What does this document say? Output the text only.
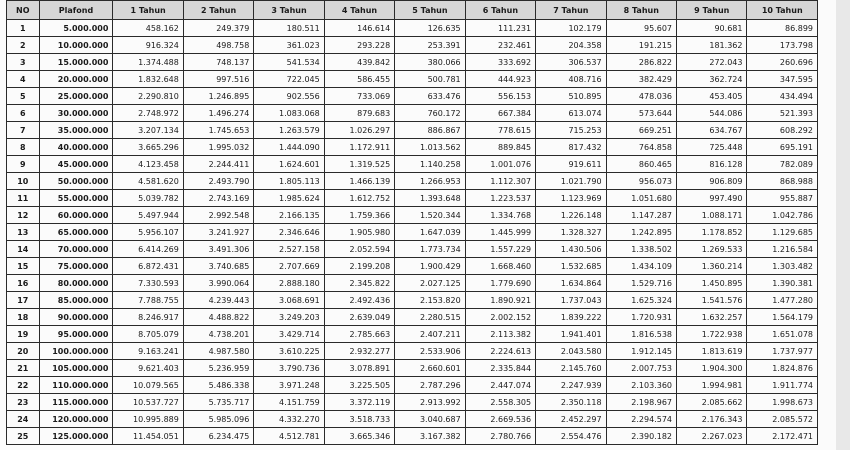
NO	Plafond	1 Tahun	2 Tahun	3 Tahun	4 Tahun	5 Tahun	6 Tahun	7 Tahun	8 Tahun	9 Tahun	10 Tahun
1	5.000.000	458.162	249.379	180.511	146.614	126.635	111.231	102.179	95.607	90.681	86.899
2	10.000.000	916.324	498.758	361.023	293.228	253.391	232.461	204.358	191.215	181.362	173.798
3	15.000.000	1.374.488	748.137	541.534	439.842	380.066	333.692	306.537	286.822	272.043	260.696
4	20.000.000	1.832.648	997.516	722.045	586.455	500.781	444.923	408.716	382.429	362.724	347.595
5	25.000.000	2.290.810	1.246.895	902.556	733.069	633.476	556.153	510.895	478.036	453.405	434.494
6	30.000.000	2.748.972	1.496.274	1.083.068	879.683	760.172	667.384	613.074	573.644	544.086	521.393
7	35.000.000	3.207.134	1.745.653	1.263.579	1.026.297	886.867	778.615	715.253	669.251	634.767	608.292
8	40.000.000	3.665.296	1.995.032	1.444.090	1.172.911	1.013.562	889.845	817.432	764.858	725.448	695.191
9	45.000.000	4.123.458	2.244.411	1.624.601	1.319.525	1.140.258	1.001.076	919.611	860.465	816.128	782.089
10	50.000.000	4.581.620	2.493.790	1.805.113	1.466.139	1.266.953	1.112.307	1.021.790	956.073	906.809	868.988
11	55.000.000	5.039.782	2.743.169	1.985.624	1.612.752	1.393.648	1.223.537	1.123.969	1.051.680	997.490	955.887
12	60.000.000	5.497.944	2.992.548	2.166.135	1.759.366	1.520.344	1.334.768	1.226.148	1.147.287	1.088.171	1.042.786
13	65.000.000	5.956.107	3.241.927	2.346.646	1.905.980	1.647.039	1.445.999	1.328.327	1.242.895	1.178.852	1.129.685
14	70.000.000	6.414.269	3.491.306	2.527.158	2.052.594	1.773.734	1.557.229	1.430.506	1.338.502	1.269.533	1.216.584
15	75.000.000	6.872.431	3.740.685	2.707.669	2.199.208	1.900.429	1.668.460	1.532.685	1.434.109	1.360.214	1.303.482
16	80.000.000	7.330.593	3.990.064	2.888.180	2.345.822	2.027.125	1.779.690	1.634.864	1.529.716	1.450.895	1.390.381
17	85.000.000	7.788.755	4.239.443	3.068.691	2.492.436	2.153.820	1.890.921	1.737.043	1.625.324	1.541.576	1.477.280
18	90.000.000	8.246.917	4.488.822	3.249.203	2.639.049	2.280.515	2.002.152	1.839.222	1.720.931	1.632.257	1.564.179
19	95.000.000	8.705.079	4.738.201	3.429.714	2.785.663	2.407.211	2.113.382	1.941.401	1.816.538	1.722.938	1.651.078
20	100.000.000	9.163.241	4.987.580	3.610.225	2.932.277	2.533.906	2.224.613	2.043.580	1.912.145	1.813.619	1.737.977
21	105.000.000	9.621.403	5.236.959	3.790.736	3.078.891	2.660.601	2.335.844	2.145.760	2.007.753	1.904.300	1.824.876
22	110.000.000	10.079.565	5.486.338	3.971.248	3.225.505	2.787.296	2.447.074	2.247.939	2.103.360	1.994.981	1.911.774
23	115.000.000	10.537.727	5.735.717	4.151.759	3.372.119	2.913.992	2.558.305	2.350.118	2.198.967	2.085.662	1.998.673
24	120.000.000	10.995.889	5.985.096	4.332.270	3.518.733	3.040.687	2.669.536	2.452.297	2.294.574	2.176.343	2.085.572
25	125.000.000	11.454.051	6.234.475	4.512.781	3.665.346	3.167.382	2.780.766	2.554.476	2.390.182	2.267.023	2.172.471
